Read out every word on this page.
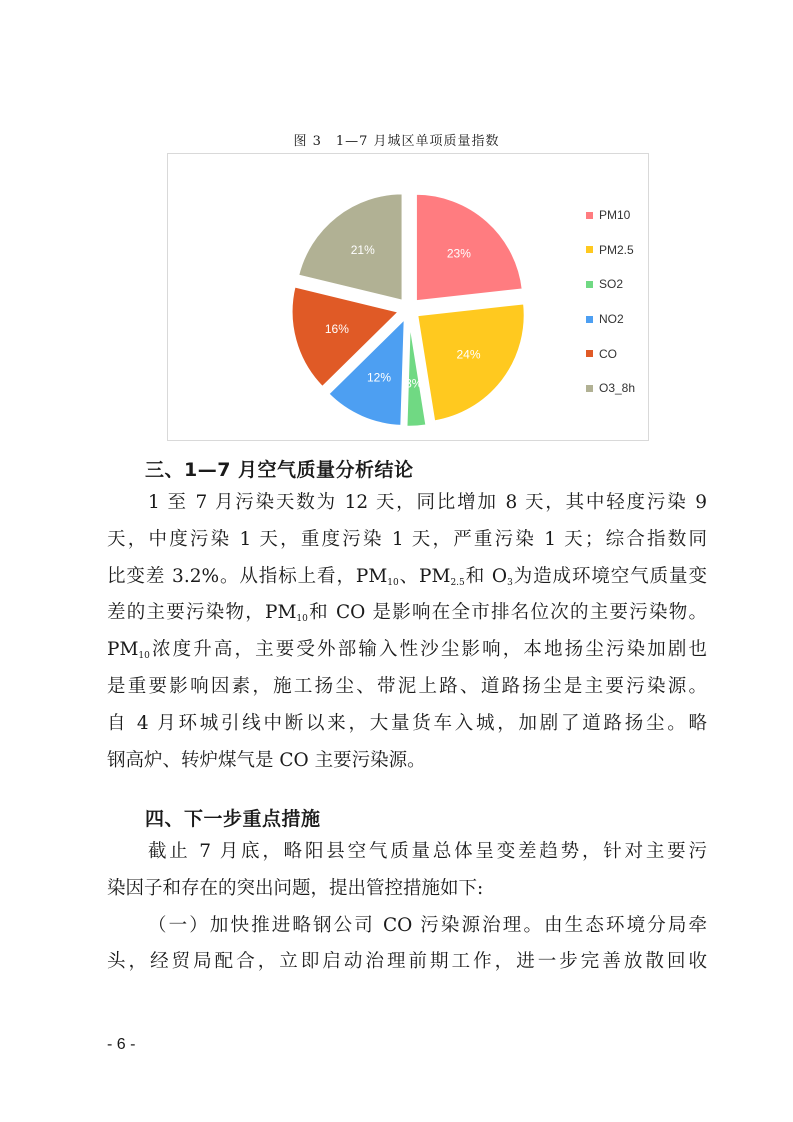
图 3　1—7 月城区单项质量指数
23%
24%
3%
12%
16%
21%
PM10
PM2.5
SO2
NO2
CO
O3_8h
三、1—7 月空气质量分析结论
1 至 7 月污染天数为 12 天，同比增加 8 天，其中轻度污染 9
天，中度污染 1 天，重度污染 1 天，严重污染 1 天；综合指数同
比变差 3.2%。从指标上看，$PM_{10}$、$PM_{2.5}$和 $O_3$为造成环境空气质量变
差的主要污染物，$PM_{10}$和 CO 是影响在全市排名位次的主要污染物。
$PM_{10}$浓度升高，主要受外部输入性沙尘影响，本地扬尘污染加剧也
是重要影响因素，施工扬尘、带泥上路、道路扬尘是主要污染源。
自 4 月环城引线中断以来，大量货车入城，加剧了道路扬尘。略
钢高炉、转炉煤气是 CO 主要污染源。
四、下一步重点措施
截止 7 月底，略阳县空气质量总体呈变差趋势，针对主要污
染因子和存在的突出问题，提出管控措施如下:
（一）加快推进略钢公司 CO 污染源治理。由生态环境分局牵
头，经贸局配合，立即启动治理前期工作，进一步完善放散回收
- 6 -
